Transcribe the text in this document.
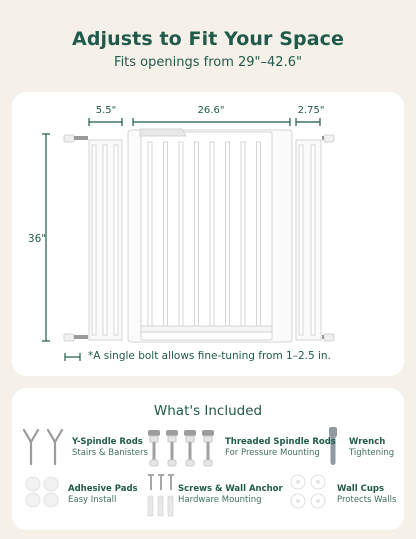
Adjusts to Fit Your Space
Fits openings from 29"–42.6"
5.5"	26.6"	2.75"
36"
*A single bolt allows fine-tuning from 1–2.5 in.
What's Included
Y-Spindle Rods
Stairs & Banisters
Threaded Spindle Rods
For Pressure Mounting
Wrench
Tightening
Adhesive Pads
Easy Install
Screws & Wall Anchor
Hardware Mounting
Wall Cups
Protects Walls
